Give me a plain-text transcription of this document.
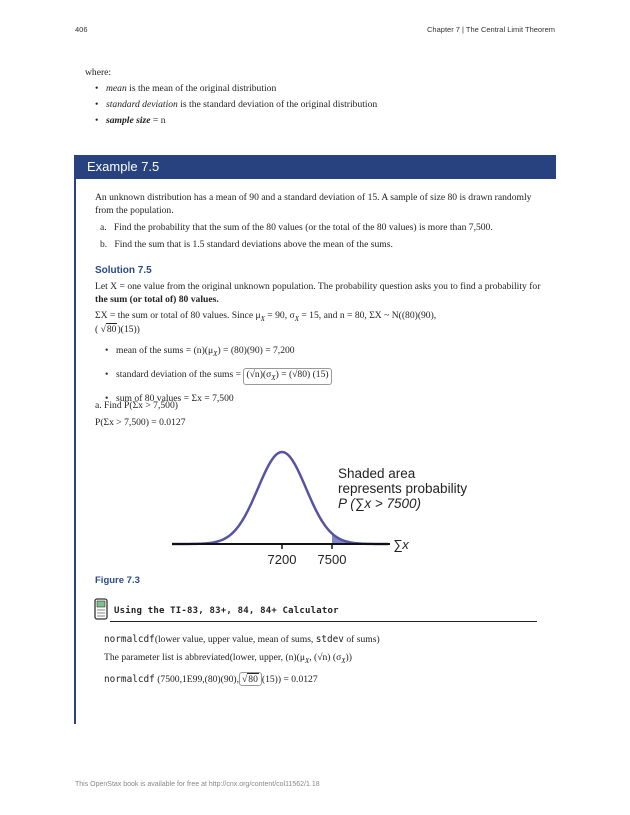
406	Chapter 7 | The Central Limit Theorem
where:
• mean is the mean of the original distribution
• standard deviation is the standard deviation of the original distribution
• sample size = n
Example 7.5
An unknown distribution has a mean of 90 and a standard deviation of 15. A sample of size 80 is drawn randomly from the population.
a. Find the probability that the sum of the 80 values (or the total of the 80 values) is more than 7,500.
b. Find the sum that is 1.5 standard deviations above the mean of the sums.
Solution 7.5
Let X = one value from the original unknown population. The probability question asks you to find a probability for the sum (or total of) 80 values.
ΣX = the sum or total of 80 values. Since $\mu_X = 90$, $\sigma_X = 15$, and n = 80, ΣX ~ N((80)(90),
( √80)(15))
• mean of the sums = $(n)(\mu_X) = (80)(90) = 7,200$
• standard deviation of the sums = $(√n)(\sigma_X) = (√80)$ (15)
• sum of 80 values = Σx = 7,500
a. Find P(Σx > 7,500)
P(Σx > 7,500) = 0.0127
7200 7500
∑x
Shaded area
represents probability
P (∑x > 7500)
Figure 7.3
Using the TI-83, 83+, 84, 84+ Calculator
normalcdf(lower value, upper value, mean of sums, stdev of sums)
The parameter list is abbreviated(lower, upper, $(n)(\mu_X$, (√n) $(\sigma_X)$)
normalcdf (7500,1E99,(80)(90), √80 (15)) = 0.0127
This OpenStax book is available for free at http://cnx.org/content/col11562/1.18
